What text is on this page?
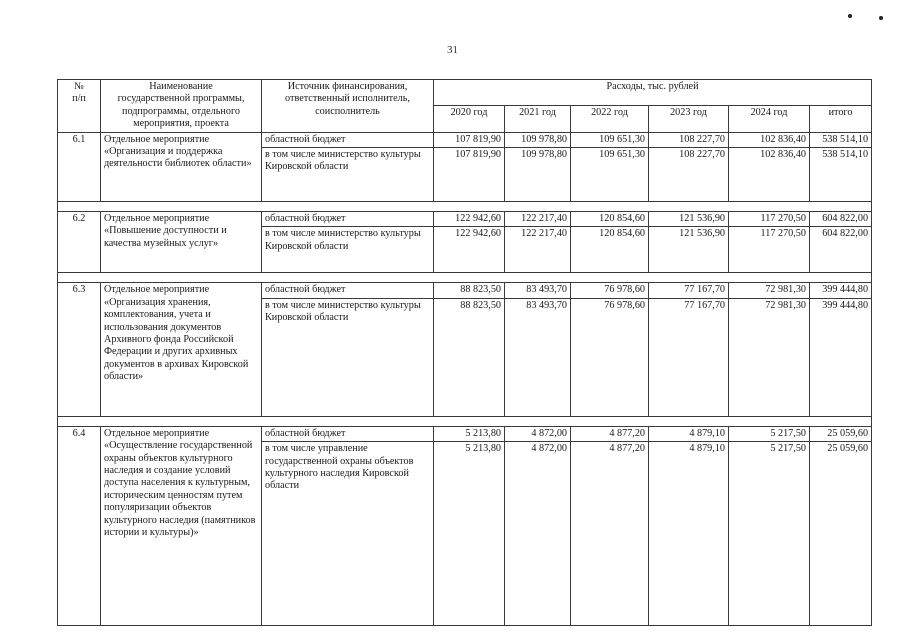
31
№
п/п	Наименование
государственной программы,
подпрограммы, отдельного
мероприятия, проекта	Источник финансирования,
ответственный исполнитель,
соисполнитель	Расходы, тыс. рублей					
			2020 год	2021 год	2022 год	2023 год	2024 год	итого
6.1	Отдельное мероприятие «Организация и поддержка деятельности библиотек области»	областной бюджет	107 819,90	109 978,80	109 651,30	108 227,70	102 836,40	538 514,10
		в том числе министерство культуры Кировской области	107 819,90	109 978,80	109 651,30	108 227,70	102 836,40	538 514,10

6.2	Отдельное мероприятие «Повышение доступности и качества музейных услуг»	областной бюджет	122 942,60	122 217,40	120 854,60	121 536,90	117 270,50	604 822,00
		в том числе министерство культуры Кировской области	122 942,60	122 217,40	120 854,60	121 536,90	117 270,50	604 822,00

6.3	Отдельное мероприятие «Организация хранения, комплектования, учета и использования документов Архивного фонда Российской Федерации и других архивных документов в архивах Кировской области»	областной бюджет	88 823,50	83 493,70	76 978,60	77 167,70	72 981,30	399 444,80
		в том числе министерство культуры Кировской области	88 823,50	83 493,70	76 978,60	77 167,70	72 981,30	399 444,80

6.4	Отдельное мероприятие «Осуществление государственной охраны объектов культурного наследия и создание условий доступа населения к культурным, историческим ценностям путем популяризации объектов культурного наследия (памятников истории и культуры)»	областной бюджет	5 213,80	4 872,00	4 877,20	4 879,10	5 217,50	25 059,60
		в том числе управление государственной охраны объектов культурного наследия Кировской области	5 213,80	4 872,00	4 877,20	4 879,10	5 217,50	25 059,60
